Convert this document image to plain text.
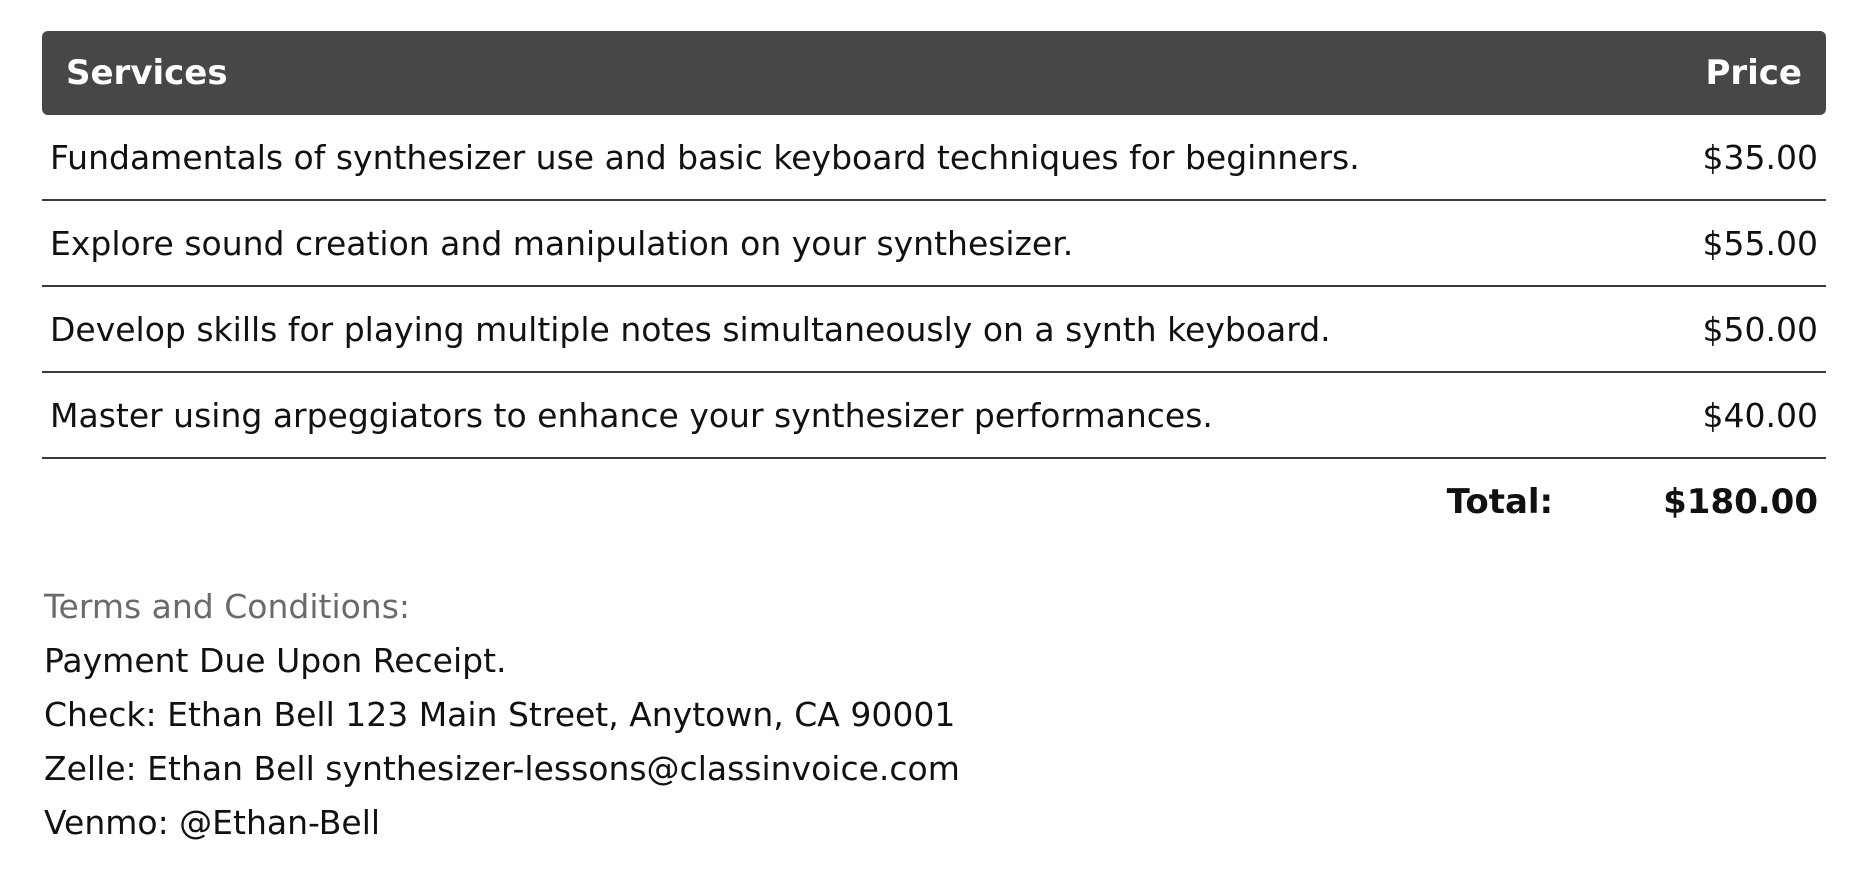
Services	Price
Fundamentals of synthesizer use and basic keyboard techniques for beginners.	$35.00
Explore sound creation and manipulation on your synthesizer.	$55.00
Develop skills for playing multiple notes simultaneously on a synth keyboard.	$50.00
Master using arpeggiators to enhance your synthesizer performances.	$40.00
Total:	$180.00
Terms and Conditions:
Payment Due Upon Receipt.
Check: Ethan Bell 123 Main Street, Anytown, CA 90001
Zelle: Ethan Bell synthesizer-lessons@classinvoice.com
Venmo: @Ethan-Bell
